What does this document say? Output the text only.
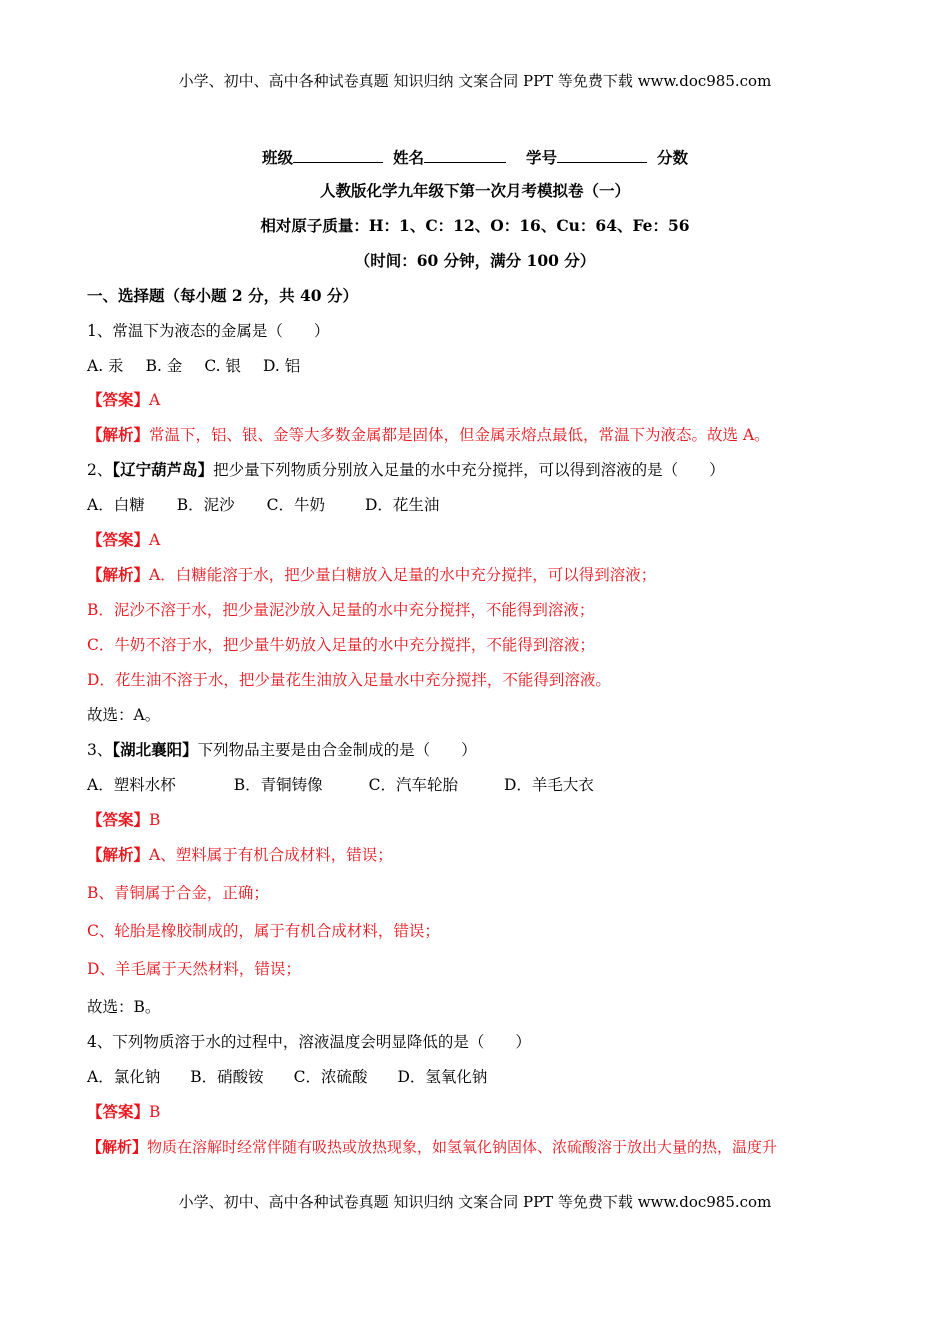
小学、初中、高中各种试卷真题 知识归纳 文案合同 PPT 等免费下载 www.doc985.com
班级	姓名	学号	分数
人教版化学九年级下第一次月考模拟卷（一）
相对原子质量：H：1、C：12、O：16、Cu：64、Fe：56
（时间：60 分钟，满分 100 分）
一、选择题（每小题 2 分，共 40 分）
1、常温下为液态的金属是（　　）
A. 汞 B. 金 C. 银 D. 铝
【答案】A
【解析】常温下，铝、银、金等大多数金属都是固体，但金属汞熔点最低，常温下为液态。故选 A。
2、【辽宁葫芦岛】把少量下列物质分别放入足量的水中充分搅拌，可以得到溶液的是（　　）
A．白糖 B．泥沙 C．牛奶	D．花生油
【答案】A
【解析】A．白糖能溶于水，把少量白糖放入足量的水中充分搅拌，可以得到溶液；
B．泥沙不溶于水，把少量泥沙放入足量的水中充分搅拌，不能得到溶液；
C．牛奶不溶于水，把少量牛奶放入足量的水中充分搅拌，不能得到溶液；
D．花生油不溶于水，把少量花生油放入足量水中充分搅拌，不能得到溶液。
故选：A。
3、【湖北襄阳】下列物品主要是由合金制成的是（　　）
A．塑料水杯	B．青铜铸像	C．汽车轮胎	D．羊毛大衣
【答案】B
【解析】A、塑料属于有机合成材料，错误；
B、青铜属于合金，正确；
C、轮胎是橡胶制成的，属于有机合成材料，错误；
D、羊毛属于天然材料，错误；
故选：B。
4、下列物质溶于水的过程中，溶液温度会明显降低的是（　　）
A．氯化钠 B．硝酸铵 C．浓硫酸 D．氢氧化钠
【答案】B
【解析】物质在溶解时经常伴随有吸热或放热现象，如氢氧化钠固体、浓硫酸溶于放出大量的热，温度升
小学、初中、高中各种试卷真题 知识归纳 文案合同 PPT 等免费下载 www.doc985.com
